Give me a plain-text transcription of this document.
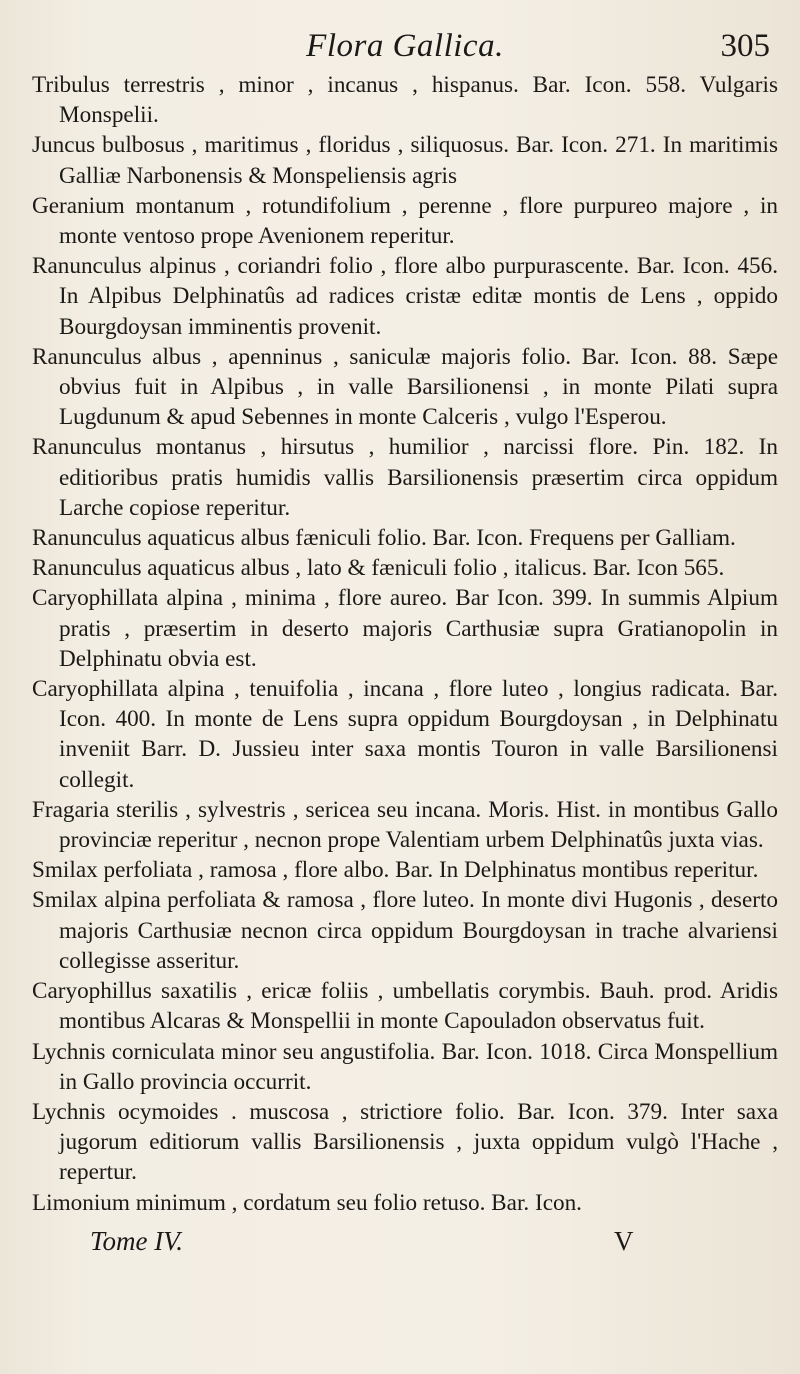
Flora Gallica.	305

Tribulus terrestris , minor , incanus , hispanus. Bar. Icon. 558. Vulgaris Monspelii.

Juncus bulbosus , maritimus , floridus , siliquosus. Bar. Icon. 271. In maritimis Galliæ Narbonensis & Monspeliensis agris

Geranium montanum , rotundifolium , perenne , flore purpureo majore , in monte ventoso prope Avenionem reperitur.

Ranunculus alpinus , coriandri folio , flore albo purpurascente. Bar. Icon. 456. In Alpibus Delphinatûs ad radices cristæ editæ montis de Lens , oppido Bourgdoysan imminentis provenit.

Ranunculus albus , apenninus , saniculæ majoris folio. Bar. Icon. 88. Sæpe obvius fuit in Alpibus , in valle Barsilionensi , in monte Pilati supra Lugdunum & apud Sebennes in monte Calceris , vulgo l'Esperou.

Ranunculus montanus , hirsutus , humilior , narcissi flore. Pin. 182. In editioribus pratis humidis vallis Barsilionensis præsertim circa oppidum Larche copiose reperitur.

Ranunculus aquaticus albus fæniculi folio. Bar. Icon. Frequens per Galliam.

Ranunculus aquaticus albus , lato & fæniculi folio , italicus. Bar. Icon 565.

Caryophillata alpina , minima , flore aureo. Bar Icon. 399. In summis Alpium pratis , præsertim in deserto majoris Carthusiæ supra Gratianopolin in Delphinatu obvia est.

Caryophillata alpina , tenuifolia , incana , flore luteo , longius radicata. Bar. Icon. 400. In monte de Lens supra oppidum Bourgdoysan , in Delphinatu inveniit Barr. D. Jussieu inter saxa montis Touron in valle Barsilionensi collegit.

Fragaria sterilis , sylvestris , sericea seu incana. Moris. Hist. in montibus Gallo provinciæ reperitur , necnon prope Valentiam urbem Delphinatûs juxta vias.

Smilax perfoliata , ramosa , flore albo. Bar. In Delphinatus montibus reperitur.

Smilax alpina perfoliata & ramosa , flore luteo. In monte divi Hugonis , deserto majoris Carthusiæ necnon circa oppidum Bourgdoysan in trache alvariensi collegisse asseritur.

Caryophillus saxatilis , ericæ foliis , umbellatis corymbis. Bauh. prod. Aridis montibus Alcaras & Monspellii in monte Capouladon observatus fuit.

Lychnis corniculata minor seu angustifolia. Bar. Icon. 1018. Circa Monspellium in Gallo provincia occurrit.

Lychnis ocymoides . muscosa , strictiore folio. Bar. Icon. 379. Inter saxa jugorum editiorum vallis Barsilionensis , juxta oppidum vulgò l'Hache , repertur.

Limonium minimum , cordatum seu folio retuso. Bar. Icon.

Tome IV.	V
